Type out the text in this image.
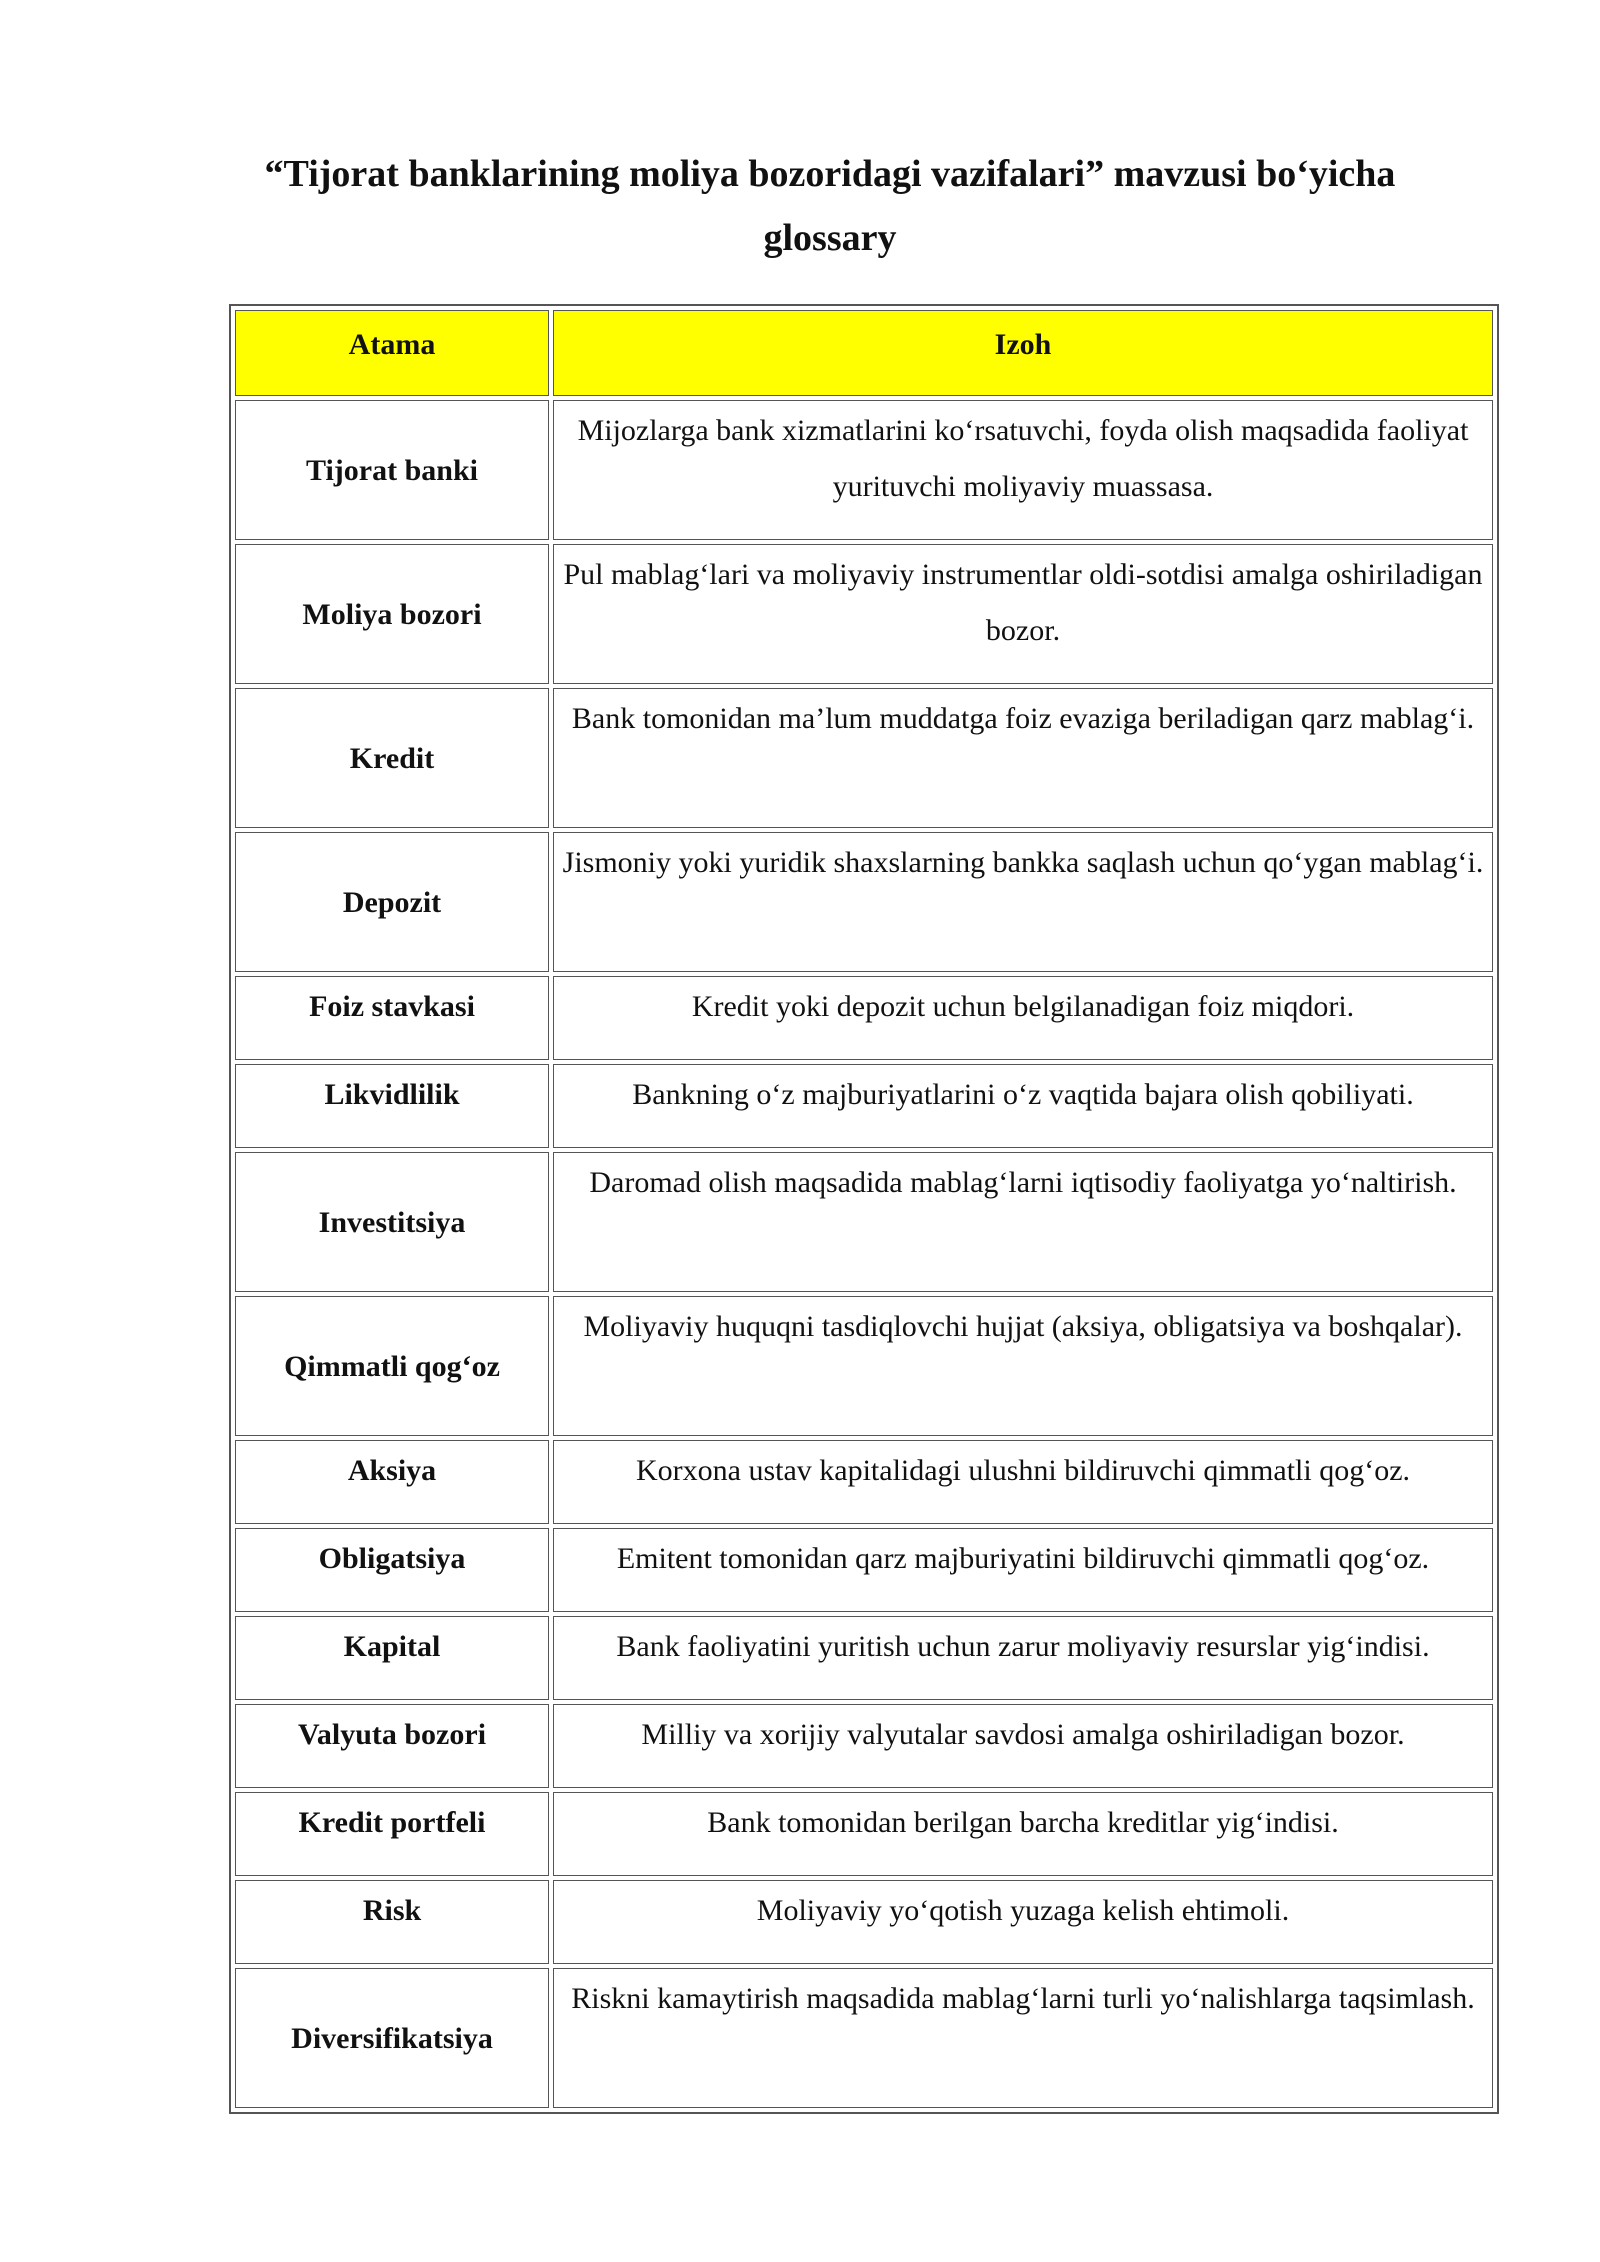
“Tijorat banklarining moliya bozoridagi vazifalari” mavzusi bo‘yicha
glossary
Atama	Izoh
Tijorat banki	Mijozlarga bank xizmatlarini ko‘rsatuvchi, foyda olish maqsadida faoliyat yurituvchi moliyaviy muassasa.
Moliya bozori	Pul mablag‘lari va moliyaviy instrumentlar oldi-sotdisi amalga oshiriladigan bozor.
Kredit	Bank tomonidan ma’lum muddatga foiz evaziga beriladigan qarz mablag‘i.
Depozit	Jismoniy yoki yuridik shaxslarning bankka saqlash uchun qo‘ygan mablag‘i.
Foiz stavkasi	Kredit yoki depozit uchun belgilanadigan foiz miqdori.
Likvidlilik	Bankning o‘z majburiyatlarini o‘z vaqtida bajara olish qobiliyati.
Investitsiya	Daromad olish maqsadida mablag‘larni iqtisodiy faoliyatga yo‘naltirish.
Qimmatli qog‘oz	Moliyaviy huquqni tasdiqlovchi hujjat (aksiya, obligatsiya va boshqalar).
Aksiya	Korxona ustav kapitalidagi ulushni bildiruvchi qimmatli qog‘oz.
Obligatsiya	Emitent tomonidan qarz majburiyatini bildiruvchi qimmatli qog‘oz.
Kapital	Bank faoliyatini yuritish uchun zarur moliyaviy resurslar yig‘indisi.
Valyuta bozori	Milliy va xorijiy valyutalar savdosi amalga oshiriladigan bozor.
Kredit portfeli	Bank tomonidan berilgan barcha kreditlar yig‘indisi.
Risk	Moliyaviy yo‘qotish yuzaga kelish ehtimoli.
Diversifikatsiya	Riskni kamaytirish maqsadida mablag‘larni turli yo‘nalishlarga taqsimlash.
